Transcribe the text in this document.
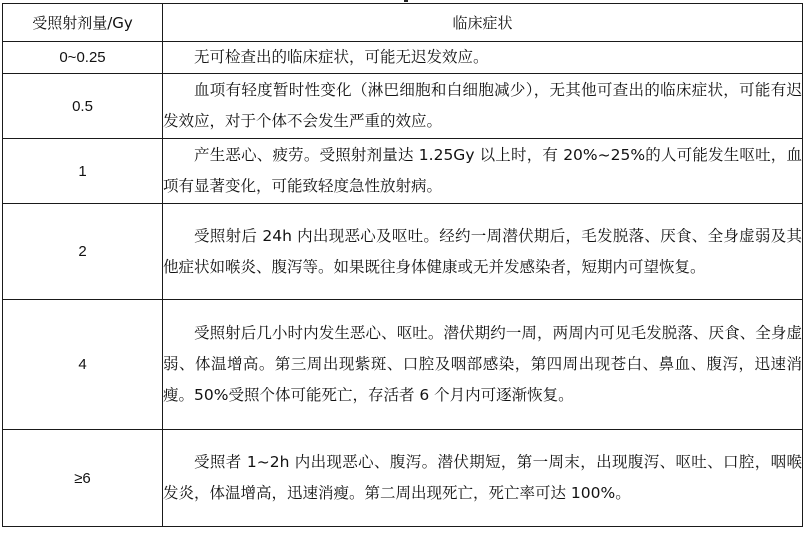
受照射剂量/Gy	临床症状
0~0.25	无可检查出的临床症状，可能无迟发效应。
0.5	血项有轻度暂时性变化（淋巴细胞和白细胞减少），无其他可查出的临床症状，可能有迟发效应，对于个体不会发生严重的效应。
1	产生恶心、疲劳。受照射剂量达 1.25Gy 以上时，有 20%~25%的人可能发生呕吐，血项有显著变化，可能致轻度急性放射病。
2	受照射后 24h 内出现恶心及呕吐。经约一周潜伏期后，毛发脱落、厌食、全身虚弱及其他症状如喉炎、腹泻等。如果既往身体健康或无并发感染者，短期内可望恢复。
4	受照射后几小时内发生恶心、呕吐。潜伏期约一周，两周内可见毛发脱落、厌食、全身虚弱、体温增高。第三周出现紫斑、口腔及咽部感染，第四周出现苍白、鼻血、腹泻，迅速消瘦。50%受照个体可能死亡，存活者 6 个月内可逐渐恢复。
≥6	受照者 1~2h 内出现恶心、腹泻。潜伏期短，第一周末，出现腹泻、呕吐、口腔，咽喉发炎，体温增高，迅速消瘦。第二周出现死亡，死亡率可达 100%。
